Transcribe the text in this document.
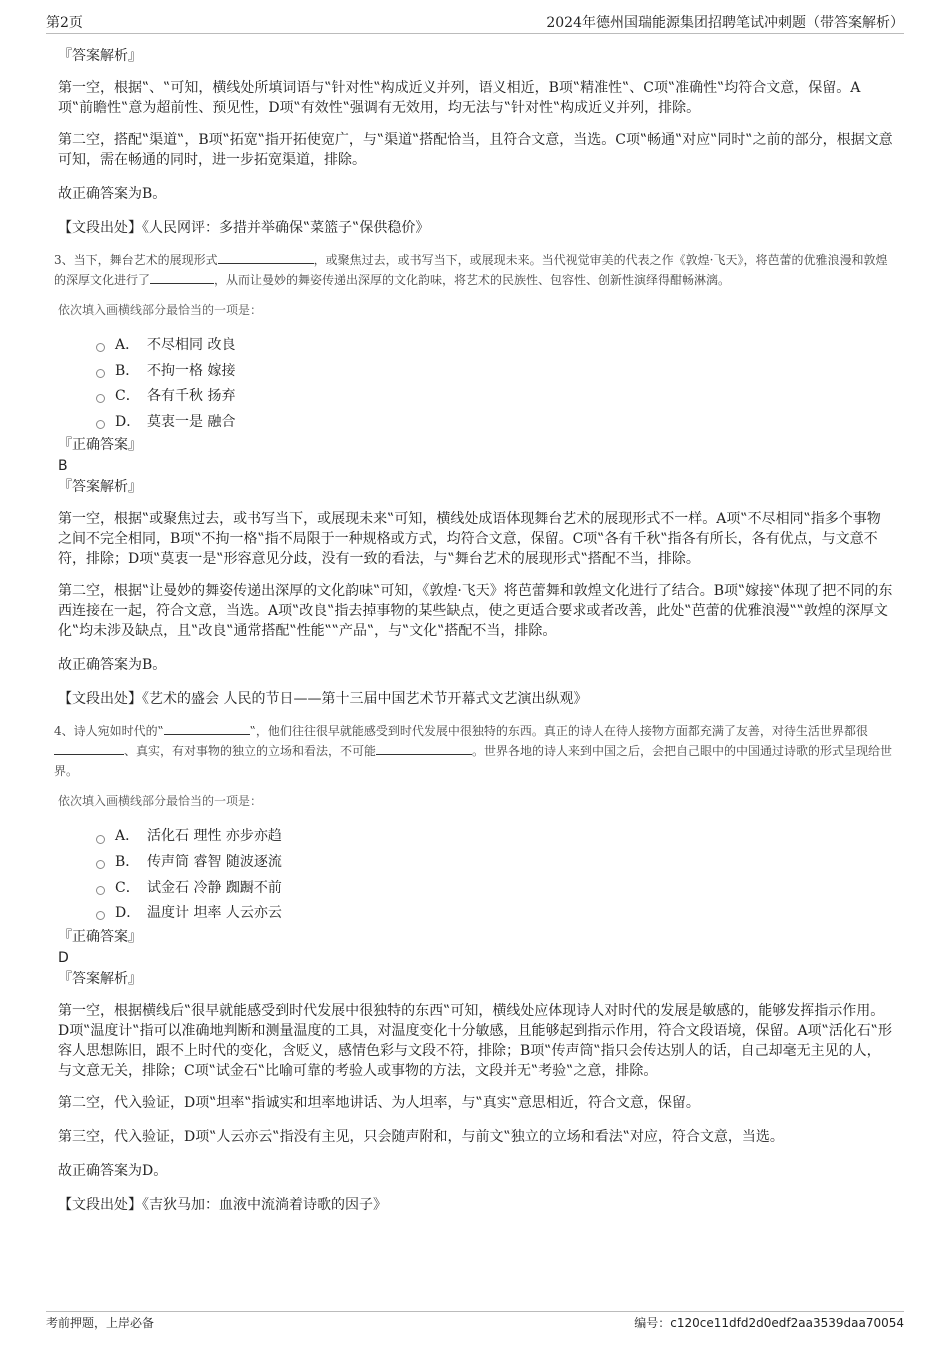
第2页	2024年德州国瑞能源集团招聘笔试冲刺题（带答案解析）

『答案解析』

第一空，根据‟、‟可知，横线处所填词语与‟针对性‟构成近义并列，语义相近，B项‟精准性‟、C项‟准确性‟均符合文意，保留。A项‟前瞻性‟意为超前性、预见性，D项‟有效性‟强调有无效用，均无法与‟针对性‟构成近义并列，排除。

第二空，搭配‟渠道‟，B项‟拓宽‟指开拓使宽广，与‟渠道‟搭配恰当，且符合文意，当选。C项‟畅通‟对应‟同时‟之前的部分，根据文意可知，需在畅通的同时，进一步拓宽渠道，排除。

故正确答案为B。

【文段出处】《人民网评：多措并举确保‟菜篮子‟保供稳价》

3、当下，舞台艺术的展现形式	，或聚焦过去，或书写当下，或展现未来。当代视觉审美的代表之作《敦煌·飞天》，将芭蕾的优雅浪漫和敦煌的深厚文化进行了	，从而让曼妙的舞姿传递出深厚的文化韵味，将艺术的民族性、包容性、创新性演绎得酣畅淋漓。

依次填入画横线部分最恰当的一项是：

A． 不尽相同 改良
B． 不拘一格 嫁接
C． 各有千秋 扬弃
D． 莫衷一是 融合

『正确答案』

B

『答案解析』

第一空，根据‟或聚焦过去，或书写当下，或展现未来‟可知，横线处成语体现舞台艺术的展现形式不一样。A项‟不尽相同‟指多个事物之间不完全相同，B项‟不拘一格‟指不局限于一种规格或方式，均符合文意，保留。C项‟各有千秋‟指各有所长，各有优点，与文意不符，排除；D项‟莫衷一是‟形容意见分歧，没有一致的看法，与‟舞台艺术的展现形式‟搭配不当，排除。

第二空，根据‟让曼妙的舞姿传递出深厚的文化韵味‟可知，《敦煌·飞天》将芭蕾舞和敦煌文化进行了结合。B项‟嫁接‟体现了把不同的东西连接在一起，符合文意，当选。A项‟改良‟指去掉事物的某些缺点，使之更适合要求或者改善，此处‟芭蕾的优雅浪漫‟‟敦煌的深厚文化‟均未涉及缺点，且‟改良‟通常搭配‟性能‟‟产品‟，与‟文化‟搭配不当，排除。

故正确答案为B。

【文段出处】《艺术的盛会 人民的节日——第十三届中国艺术节开幕式文艺演出纵观》

4、诗人宛如时代的‟	‟，他们往往很早就能感受到时代发展中很独特的东西。真正的诗人在待人接物方面都充满了友善，对待生活世界都很、真实，有对事物的独立的立场和看法，不可能	。世界各地的诗人来到中国之后，会把自己眼中的中国通过诗歌的形式呈现给世界。

依次填入画横线部分最恰当的一项是：

A． 活化石 理性 亦步亦趋
B． 传声筒 睿智 随波逐流
C． 试金石 冷静 踟蹰不前
D． 温度计 坦率 人云亦云

『正确答案』

D

『答案解析』

第一空，根据横线后‟很早就能感受到时代发展中很独特的东西‟可知，横线处应体现诗人对时代的发展是敏感的，能够发挥指示作用。D项‟温度计‟指可以准确地判断和测量温度的工具，对温度变化十分敏感，且能够起到指示作用，符合文段语境，保留。A项‟活化石‟形容人思想陈旧，跟不上时代的变化，含贬义，感情色彩与文段不符，排除；B项‟传声筒‟指只会传达别人的话，自己却毫无主见的人，与文意无关，排除；C项‟试金石‟比喻可靠的考验人或事物的方法，文段并无‟考验‟之意，排除。

第二空，代入验证，D项‟坦率‟指诚实和坦率地讲话、为人坦率，与‟真实‟意思相近，符合文意，保留。

第三空，代入验证，D项‟人云亦云‟指没有主见，只会随声附和，与前文‟独立的立场和看法‟对应，符合文意，当选。

故正确答案为D。

【文段出处】《吉狄马加：血液中流淌着诗歌的因子》

考前押题，上岸必备	编号：c120ce11dfd2d0edf2aa3539daa70054
